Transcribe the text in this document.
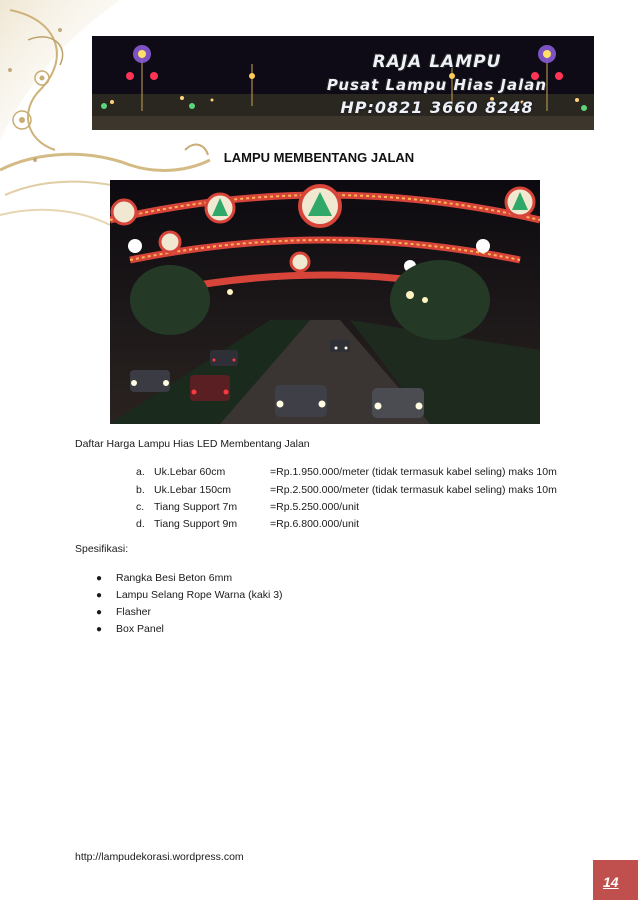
RAJA LAMPU
Pusat Lampu Hias Jalan
HP:0821 3660 8248
LAMPU MEMBENTANG JALAN
Daftar Harga Lampu Hias LED Membentang Jalan
a. Uk.Lebar 60cm	=Rp.1.950.000/meter (tidak termasuk kabel seling) maks 10m
b. Uk.Lebar 150cm	=Rp.2.500.000/meter (tidak termasuk kabel seling) maks 10m
c. Tiang Support 7m	=Rp.5.250.000/unit
d. Tiang Support 9m	=Rp.6.800.000/unit
Spesifikasi:
● Rangka Besi Beton 6mm
● Lampu Selang Rope Warna (kaki 3)
● Flasher
● Box Panel
http://lampudekorasi.wordpress.com
14
